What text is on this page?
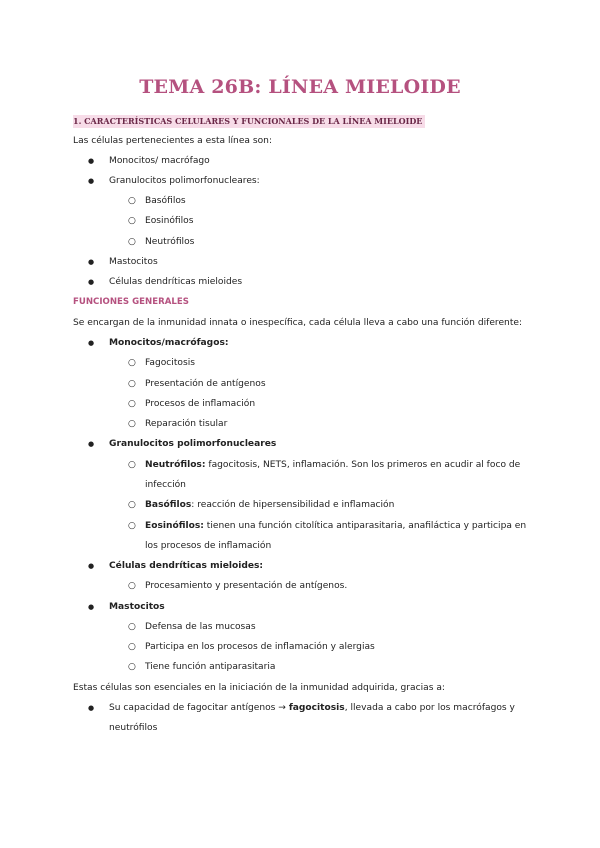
TEMA 26B: LÍNEA MIELOIDE
1. CARACTERÍSTICAS CELULARES Y FUNCIONALES DE LA LÍNEA MIELOIDE
Las células pertenecientes a esta línea son:
● Monocitos/ macrófago
● Granulocitos polimorfonucleares:
○ Basófilos
○ Eosinófilos
○ Neutrófilos
● Mastocitos
● Células dendríticas mieloides
FUNCIONES GENERALES
Se encargan de la inmunidad innata o inespecífica, cada célula lleva a cabo una función diferente:
● Monocitos/macrófagos:
○ Fagocitosis
○ Presentación de antígenos
○ Procesos de inflamación
○ Reparación tisular
● Granulocitos polimorfonucleares
○ Neutrófilos: fagocitosis, NETS, inflamación. Son los primeros en acudir al foco de
infección
○ Basófilos: reacción de hipersensibilidad e inflamación
○ Eosinófilos: tienen una función citolítica antiparasitaria, anafiláctica y participa en
los procesos de inflamación
● Células dendríticas mieloides:
○ Procesamiento y presentación de antígenos.
● Mastocitos
○ Defensa de las mucosas
○ Participa en los procesos de inflamación y alergias
○ Tiene función antiparasitaria
Estas células son esenciales en la iniciación de la inmunidad adquirida, gracias a:
● Su capacidad de fagocitar antígenos → fagocitosis, llevada a cabo por los macrófagos y
neutrófilos
